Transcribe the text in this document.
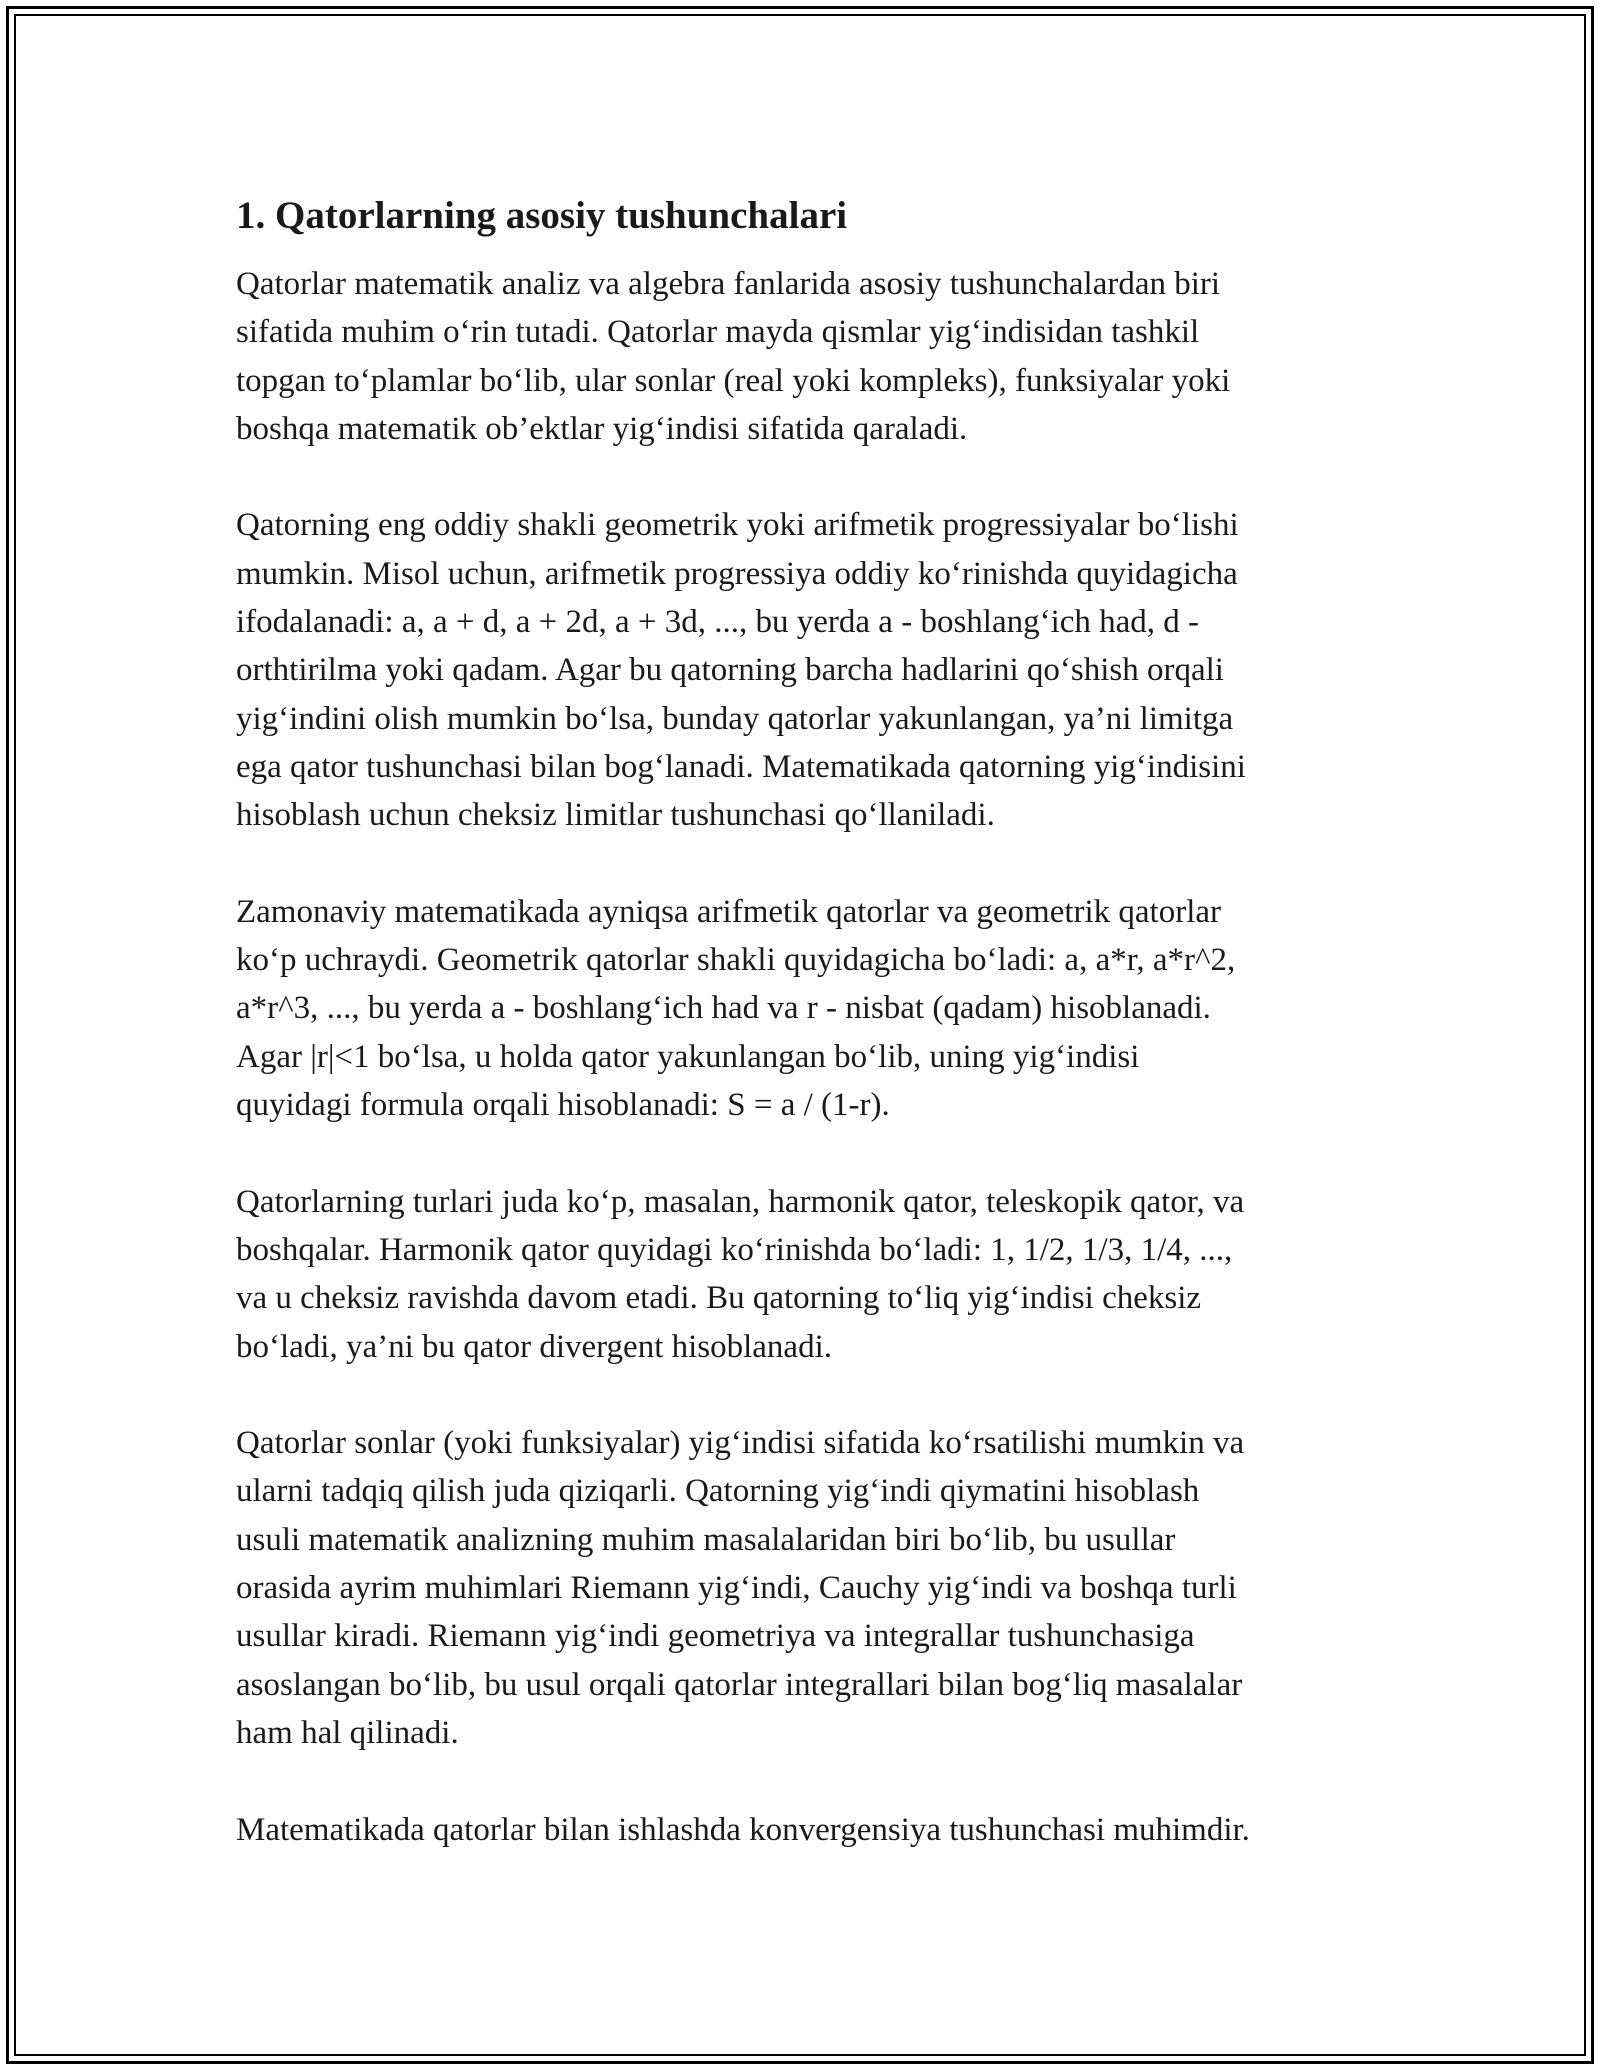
1. Qatorlarning asosiy tushunchalari

Qatorlar matematik analiz va algebra fanlarida asosiy tushunchalardan biri
sifatida muhim o‘rin tutadi. Qatorlar mayda qismlar yig‘indisidan tashkil
topgan to‘plamlar bo‘lib, ular sonlar (real yoki kompleks), funksiyalar yoki
boshqa matematik ob’ektlar yig‘indisi sifatida qaraladi.

Qatorning eng oddiy shakli geometrik yoki arifmetik progressiyalar bo‘lishi
mumkin. Misol uchun, arifmetik progressiya oddiy ko‘rinishda quyidagicha
ifodalanadi: a, a + d, a + 2d, a + 3d, ..., bu yerda a - boshlang‘ich had, d -
orthtirilma yoki qadam. Agar bu qatorning barcha hadlarini qo‘shish orqali
yig‘indini olish mumkin bo‘lsa, bunday qatorlar yakunlangan, ya’ni limitga
ega qator tushunchasi bilan bog‘lanadi. Matematikada qatorning yig‘indisini
hisoblash uchun cheksiz limitlar tushunchasi qo‘llaniladi.

Zamonaviy matematikada ayniqsa arifmetik qatorlar va geometrik qatorlar
ko‘p uchraydi. Geometrik qatorlar shakli quyidagicha bo‘ladi: a, a*r, a*r^2,
a*r^3, ..., bu yerda a - boshlang‘ich had va r - nisbat (qadam) hisoblanadi.
Agar |r|<1 bo‘lsa, u holda qator yakunlangan bo‘lib, uning yig‘indisi
quyidagi formula orqali hisoblanadi: S = a / (1-r).

Qatorlarning turlari juda ko‘p, masalan, harmonik qator, teleskopik qator, va
boshqalar. Harmonik qator quyidagi ko‘rinishda bo‘ladi: 1, 1/2, 1/3, 1/4, ...,
va u cheksiz ravishda davom etadi. Bu qatorning to‘liq yig‘indisi cheksiz
bo‘ladi, ya’ni bu qator divergent hisoblanadi.

Qatorlar sonlar (yoki funksiyalar) yig‘indisi sifatida ko‘rsatilishi mumkin va
ularni tadqiq qilish juda qiziqarli. Qatorning yig‘indi qiymatini hisoblash
usuli matematik analizning muhim masalalaridan biri bo‘lib, bu usullar
orasida ayrim muhimlari Riemann yig‘indi, Cauchy yig‘indi va boshqa turli
usullar kiradi. Riemann yig‘indi geometriya va integrallar tushunchasiga
asoslangan bo‘lib, bu usul orqali qatorlar integrallari bilan bog‘liq masalalar
ham hal qilinadi.

Matematikada qatorlar bilan ishlashda konvergensiya tushunchasi muhimdir.
